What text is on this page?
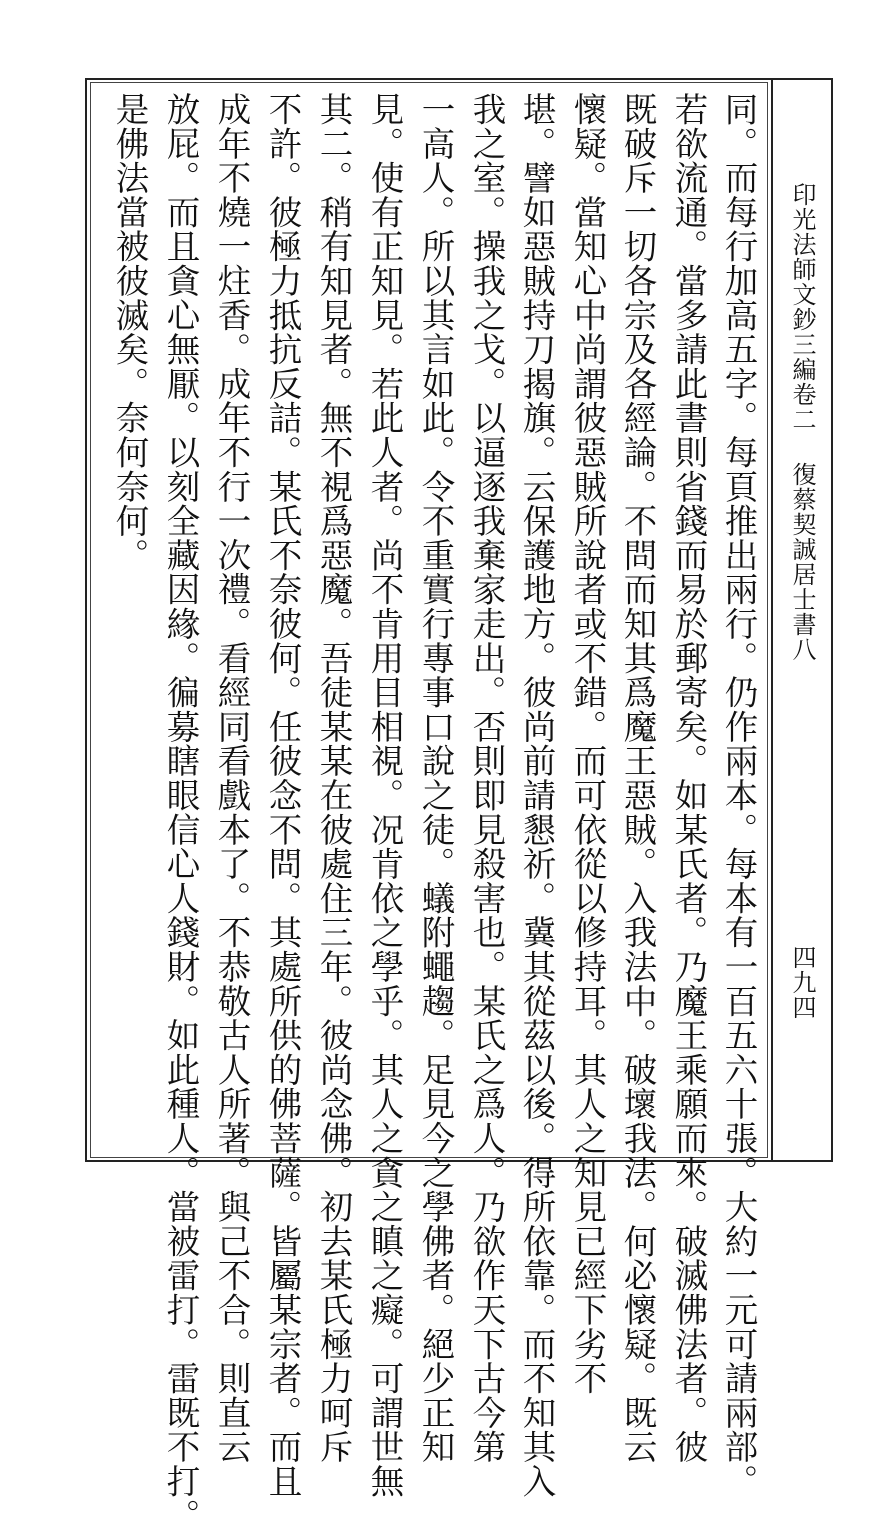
印光法師文鈔三編卷二
復蔡契誠居士書八
四九四
同。而每行加高五字。每頁推出兩行。仍作兩本。每本有一百五六十張。大約一元可請兩部。
若欲流通。當多請此書則省錢而易於郵寄矣。如某氏者。乃魔王乘願而來。破滅佛法者。彼
既破斥一切各宗及各經論。不問而知其爲魔王惡賊。入我法中。破壞我法。何必懷疑。既云
懷疑。當知心中尚謂彼惡賊所說者或不錯。而可依從以修持耳。其人之知見已經下劣不
堪。譬如惡賊持刀揭旗。云保護地方。彼尚前請懇祈。冀其從茲以後。得所依靠。而不知其入
我之室。操我之戈。以逼逐我棄家走出。否則即見殺害也。某氏之爲人。乃欲作天下古今第
一高人。所以其言如此。令不重實行專事口說之徒。蟻附蠅趨。足見今之學佛者。絕少正知
見。使有正知見。若此人者。尚不肯用目相視。况肯依之學乎。其人之貪之瞋之癡。可謂世無
其二。稍有知見者。無不視爲惡魔。吾徒某某在彼處住三年。彼尚念佛。初去某氏極力呵斥
不許。彼極力抵抗反詰。某氏不奈彼何。任彼念不問。其處所供的佛菩薩。皆屬某宗者。而且
成年不燒一炷香。成年不行一次禮。看經同看戲本了。不恭敬古人所著。與己不合。則直云
放屁。而且貪心無厭。以刻全藏因緣。徧募瞎眼信心人錢財。如此種人。當被雷打。雷既不打。
是佛法當被彼滅矣。奈何奈何。
